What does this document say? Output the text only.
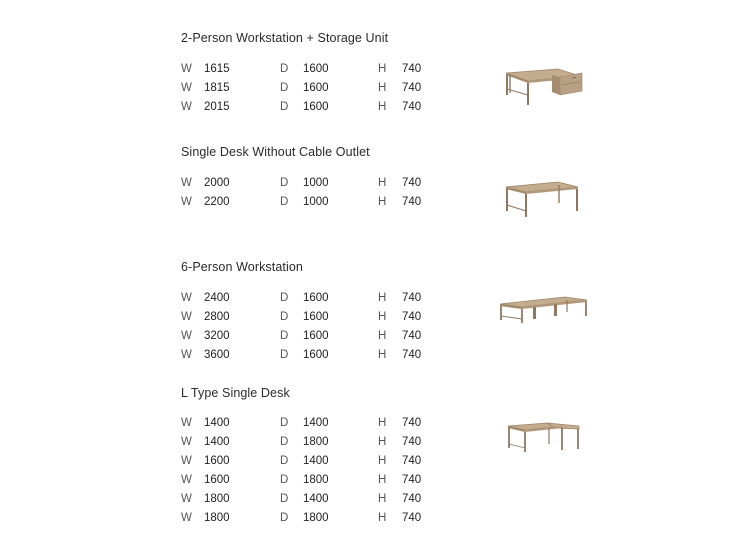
2-Person Workstation + Storage Unit
W 1615	D 1600	H 740
W 1815	D 1600	H 740
W 2015	D 1600	H 740
Single Desk Without Cable Outlet
W 2000	D 1000	H 740
W 2200	D 1000	H 740
6-Person Workstation
W 2400	D 1600	H 740
W 2800	D 1600	H 740
W 3200	D 1600	H 740
W 3600	D 1600	H 740
L Type Single Desk
W 1400	D 1400	H 740
W 1400	D 1800	H 740
W 1600	D 1400	H 740
W 1600	D 1800	H 740
W 1800	D 1400	H 740
W 1800	D 1800	H 740
